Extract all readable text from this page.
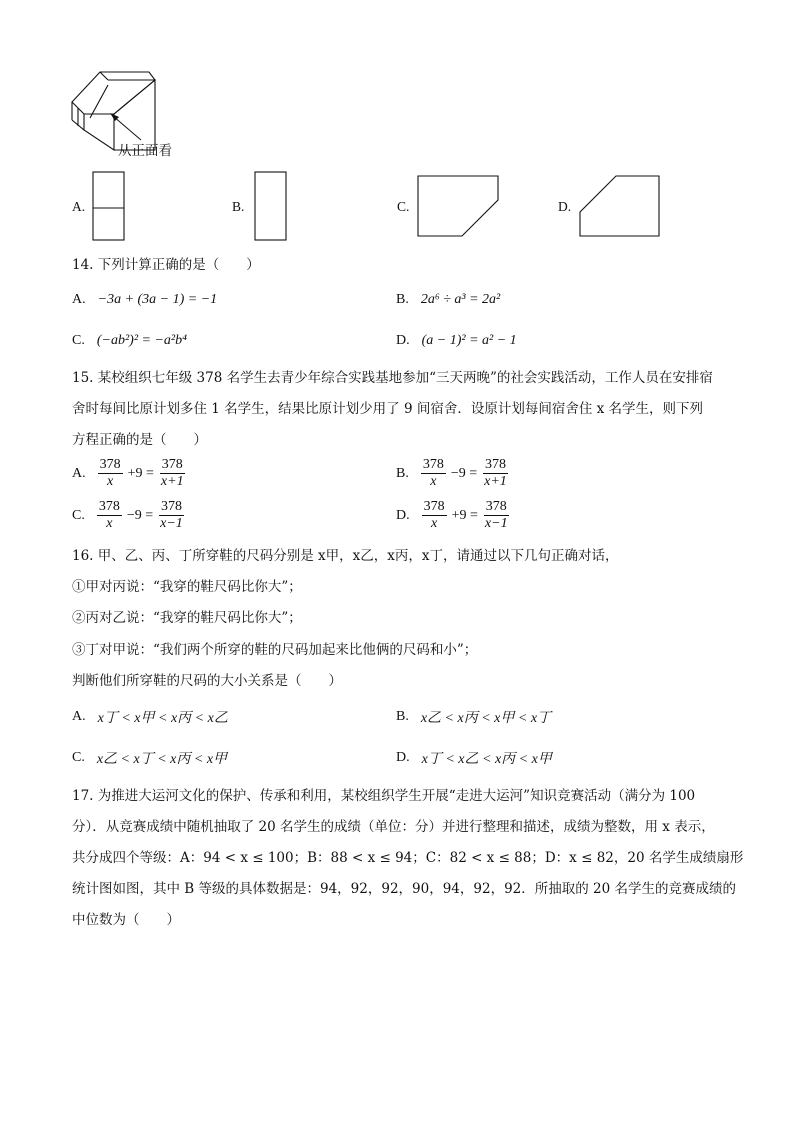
从正面看
A.	B.	C.	D.
14. 下列计算正确的是（　　）
A. −3a + (3a − 1) = −1	B. 2a⁶ ÷ a³ = 2a²
C. (−ab²)² = −a²b⁴	D. (a − 1)² = a² − 1
15. 某校组织七年级 378 名学生去青少年综合实践基地参加“三天两晚”的社会实践活动，工作人员在安排宿
舍时每间比原计划多住 1 名学生，结果比原计划少用了 9 间宿舍．设原计划每间宿舍住 x 名学生，则下列
方程正确的是（　　）
A. $\frac{378}{x} +9 = \frac{378}{x+1}$	B. $\frac{378}{x} -9 = \frac{378}{x+1}$
C. $\frac{378}{x} -9 = \frac{378}{x-1}$	D. $\frac{378}{x} +9 = \frac{378}{x-1}$
16. 甲、乙、丙、丁所穿鞋的尺码分别是 x甲，x乙，x丙，x丁，请通过以下几句正确对话，
①甲对丙说：“我穿的鞋尺码比你大”；
②丙对乙说：“我穿的鞋尺码比你大”；
③丁对甲说：“我们两个所穿的鞋的尺码加起来比他俩的尺码和小”；
判断他们所穿鞋的尺码的大小关系是（　　）
A. x丁 < x甲 < x丙 < x乙	B. x乙 < x丙 < x甲 < x丁
C. x乙 < x丁 < x丙 < x甲	D. x丁 < x乙 < x丙 < x甲
17. 为推进大运河文化的保护、传承和利用，某校组织学生开展“走进大运河”知识竞赛活动（满分为 100
分）．从竞赛成绩中随机抽取了 20 名学生的成绩（单位：分）并进行整理和描述，成绩为整数，用 x 表示，
共分成四个等级：A：94 < x ≤ 100；B：88 < x ≤ 94；C：82 < x ≤ 88；D：x ≤ 82，20 名学生成绩扇形
统计图如图，其中 B 等级的具体数据是：94，92，92，90，94，92，92．所抽取的 20 名学生的竞赛成绩的
中位数为（　　）
